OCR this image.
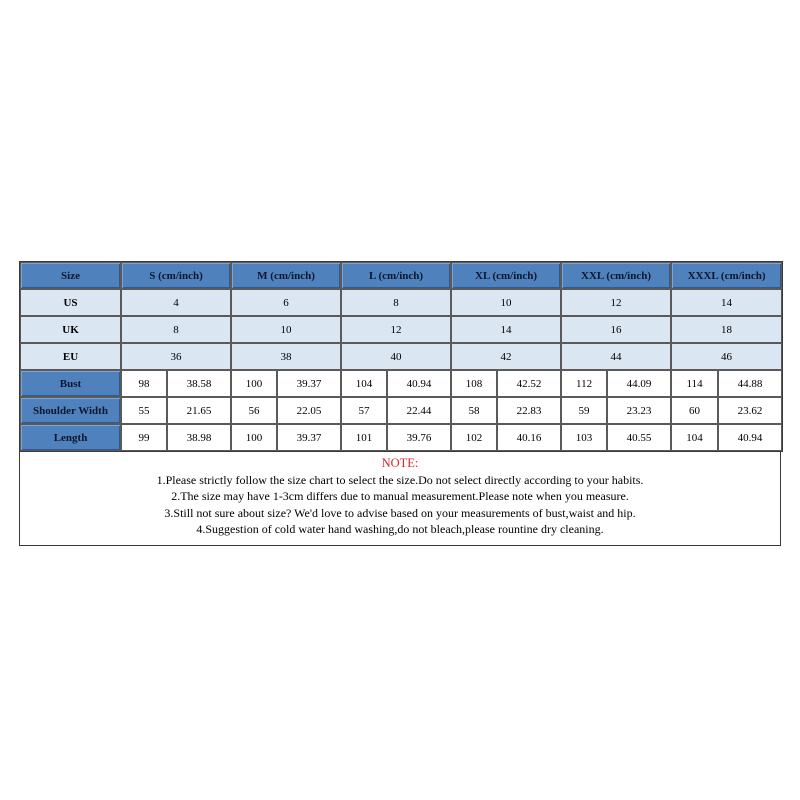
Size	S (cm/inch)		M (cm/inch)		L (cm/inch)		XL (cm/inch)		XXL (cm/inch)		XXXL (cm/inch)	
US	4		6		8		10		12		14	
UK	8		10		12		14		16		18	
EU	36		38		40		42		44		46	
Bust	98	38.58	100	39.37	104	40.94	108	42.52	112	44.09	114	44.88
Shoulder Width	55	21.65	56	22.05	57	22.44	58	22.83	59	23.23	60	23.62
Length	99	38.98	100	39.37	101	39.76	102	40.16	103	40.55	104	40.94
NOTE:
1.Please strictly follow the size chart to select the size.Do not select directly according to your habits.
2.The size may have 1-3cm differs due to manual measurement.Please note when you measure.
3.Still not sure about size? We'd love to advise based on your measurements of bust,waist and hip.
4.Suggestion of cold water hand washing,do not bleach,please rountine dry cleaning.
